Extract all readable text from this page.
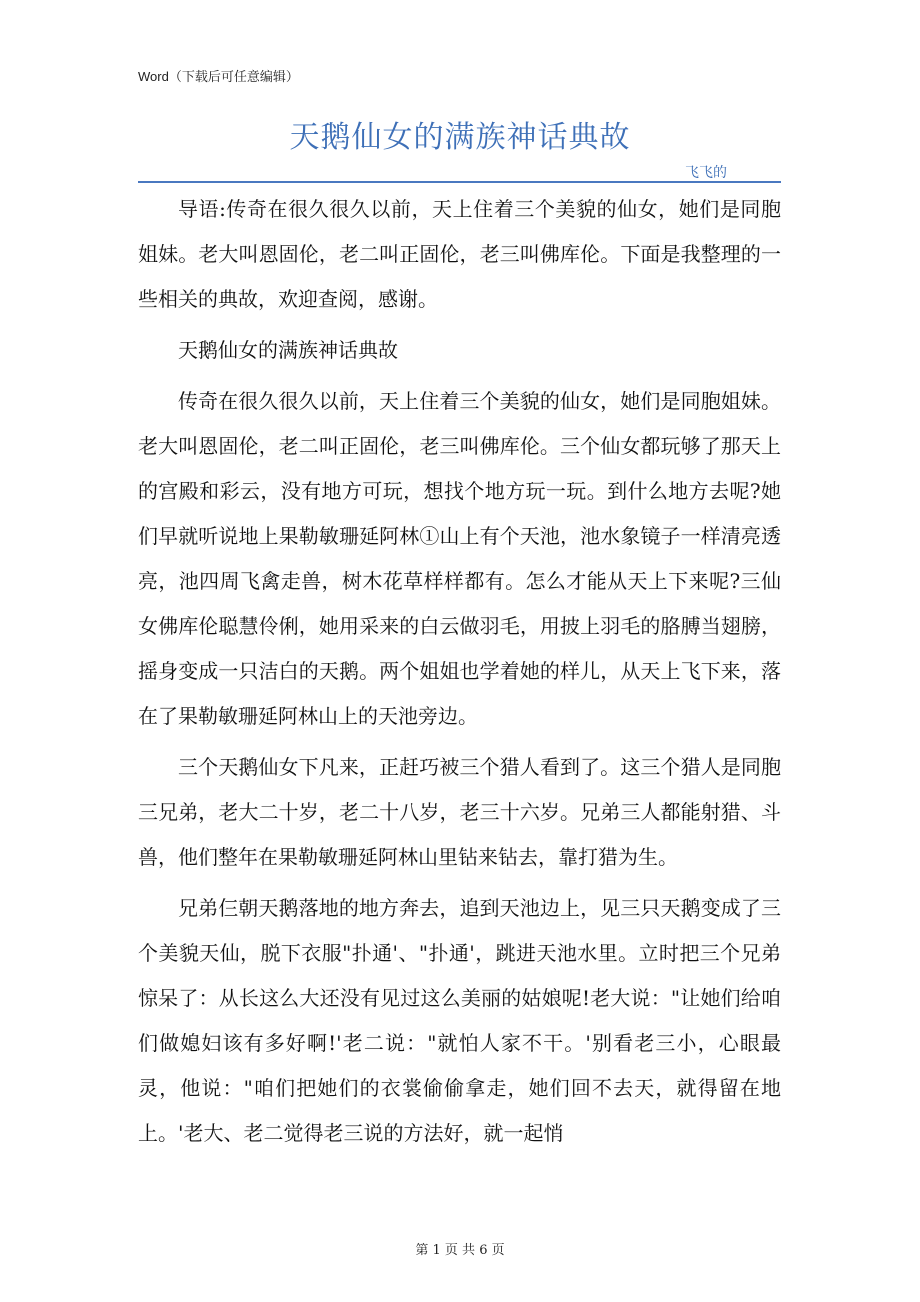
Word（下载后可任意编辑）
天鹅仙女的满族神话典故
飞飞的

导语:传奇在很久很久以前，天上住着三个美貌的仙女，她们是同胞姐妹。老大叫恩固伦，老二叫正固伦，老三叫佛库伦。下面是我整理的一些相关的典故，欢迎查阅，感谢。

天鹅仙女的满族神话典故

传奇在很久很久以前，天上住着三个美貌的仙女，她们是同胞姐妹。老大叫恩固伦，老二叫正固伦，老三叫佛库伦。三个仙女都玩够了那天上的宫殿和彩云，没有地方可玩，想找个地方玩一玩。到什么地方去呢?她们早就听说地上果勒敏珊延阿林①山上有个天池，池水象镜子一样清亮透亮，池四周飞禽走兽，树木花草样样都有。怎么才能从天上下来呢?三仙女佛库伦聪慧伶俐，她用采来的白云做羽毛，用披上羽毛的胳膊当翅膀，摇身变成一只洁白的天鹅。两个姐姐也学着她的样儿，从天上飞下来，落在了果勒敏珊延阿林山上的天池旁边。

三个天鹅仙女下凡来，正赶巧被三个猎人看到了。这三个猎人是同胞三兄弟，老大二十岁，老二十八岁，老三十六岁。兄弟三人都能射猎、斗兽，他们整年在果勒敏珊延阿林山里钻来钻去，靠打猎为生。

兄弟仨朝天鹅落地的地方奔去，追到天池边上，见三只天鹅变成了三个美貌天仙，脱下衣服"扑通'、"扑通'，跳进天池水里。立时把三个兄弟惊呆了：从长这么大还没有见过这么美丽的姑娘呢!老大说："让她们给咱们做媳妇该有多好啊!'老二说："就怕人家不干。'别看老三小，心眼最灵，他说："咱们把她们的衣裳偷偷拿走，她们回不去天，就得留在地上。'老大、老二觉得老三说的方法好，就一起悄

第 1 页 共 6 页
